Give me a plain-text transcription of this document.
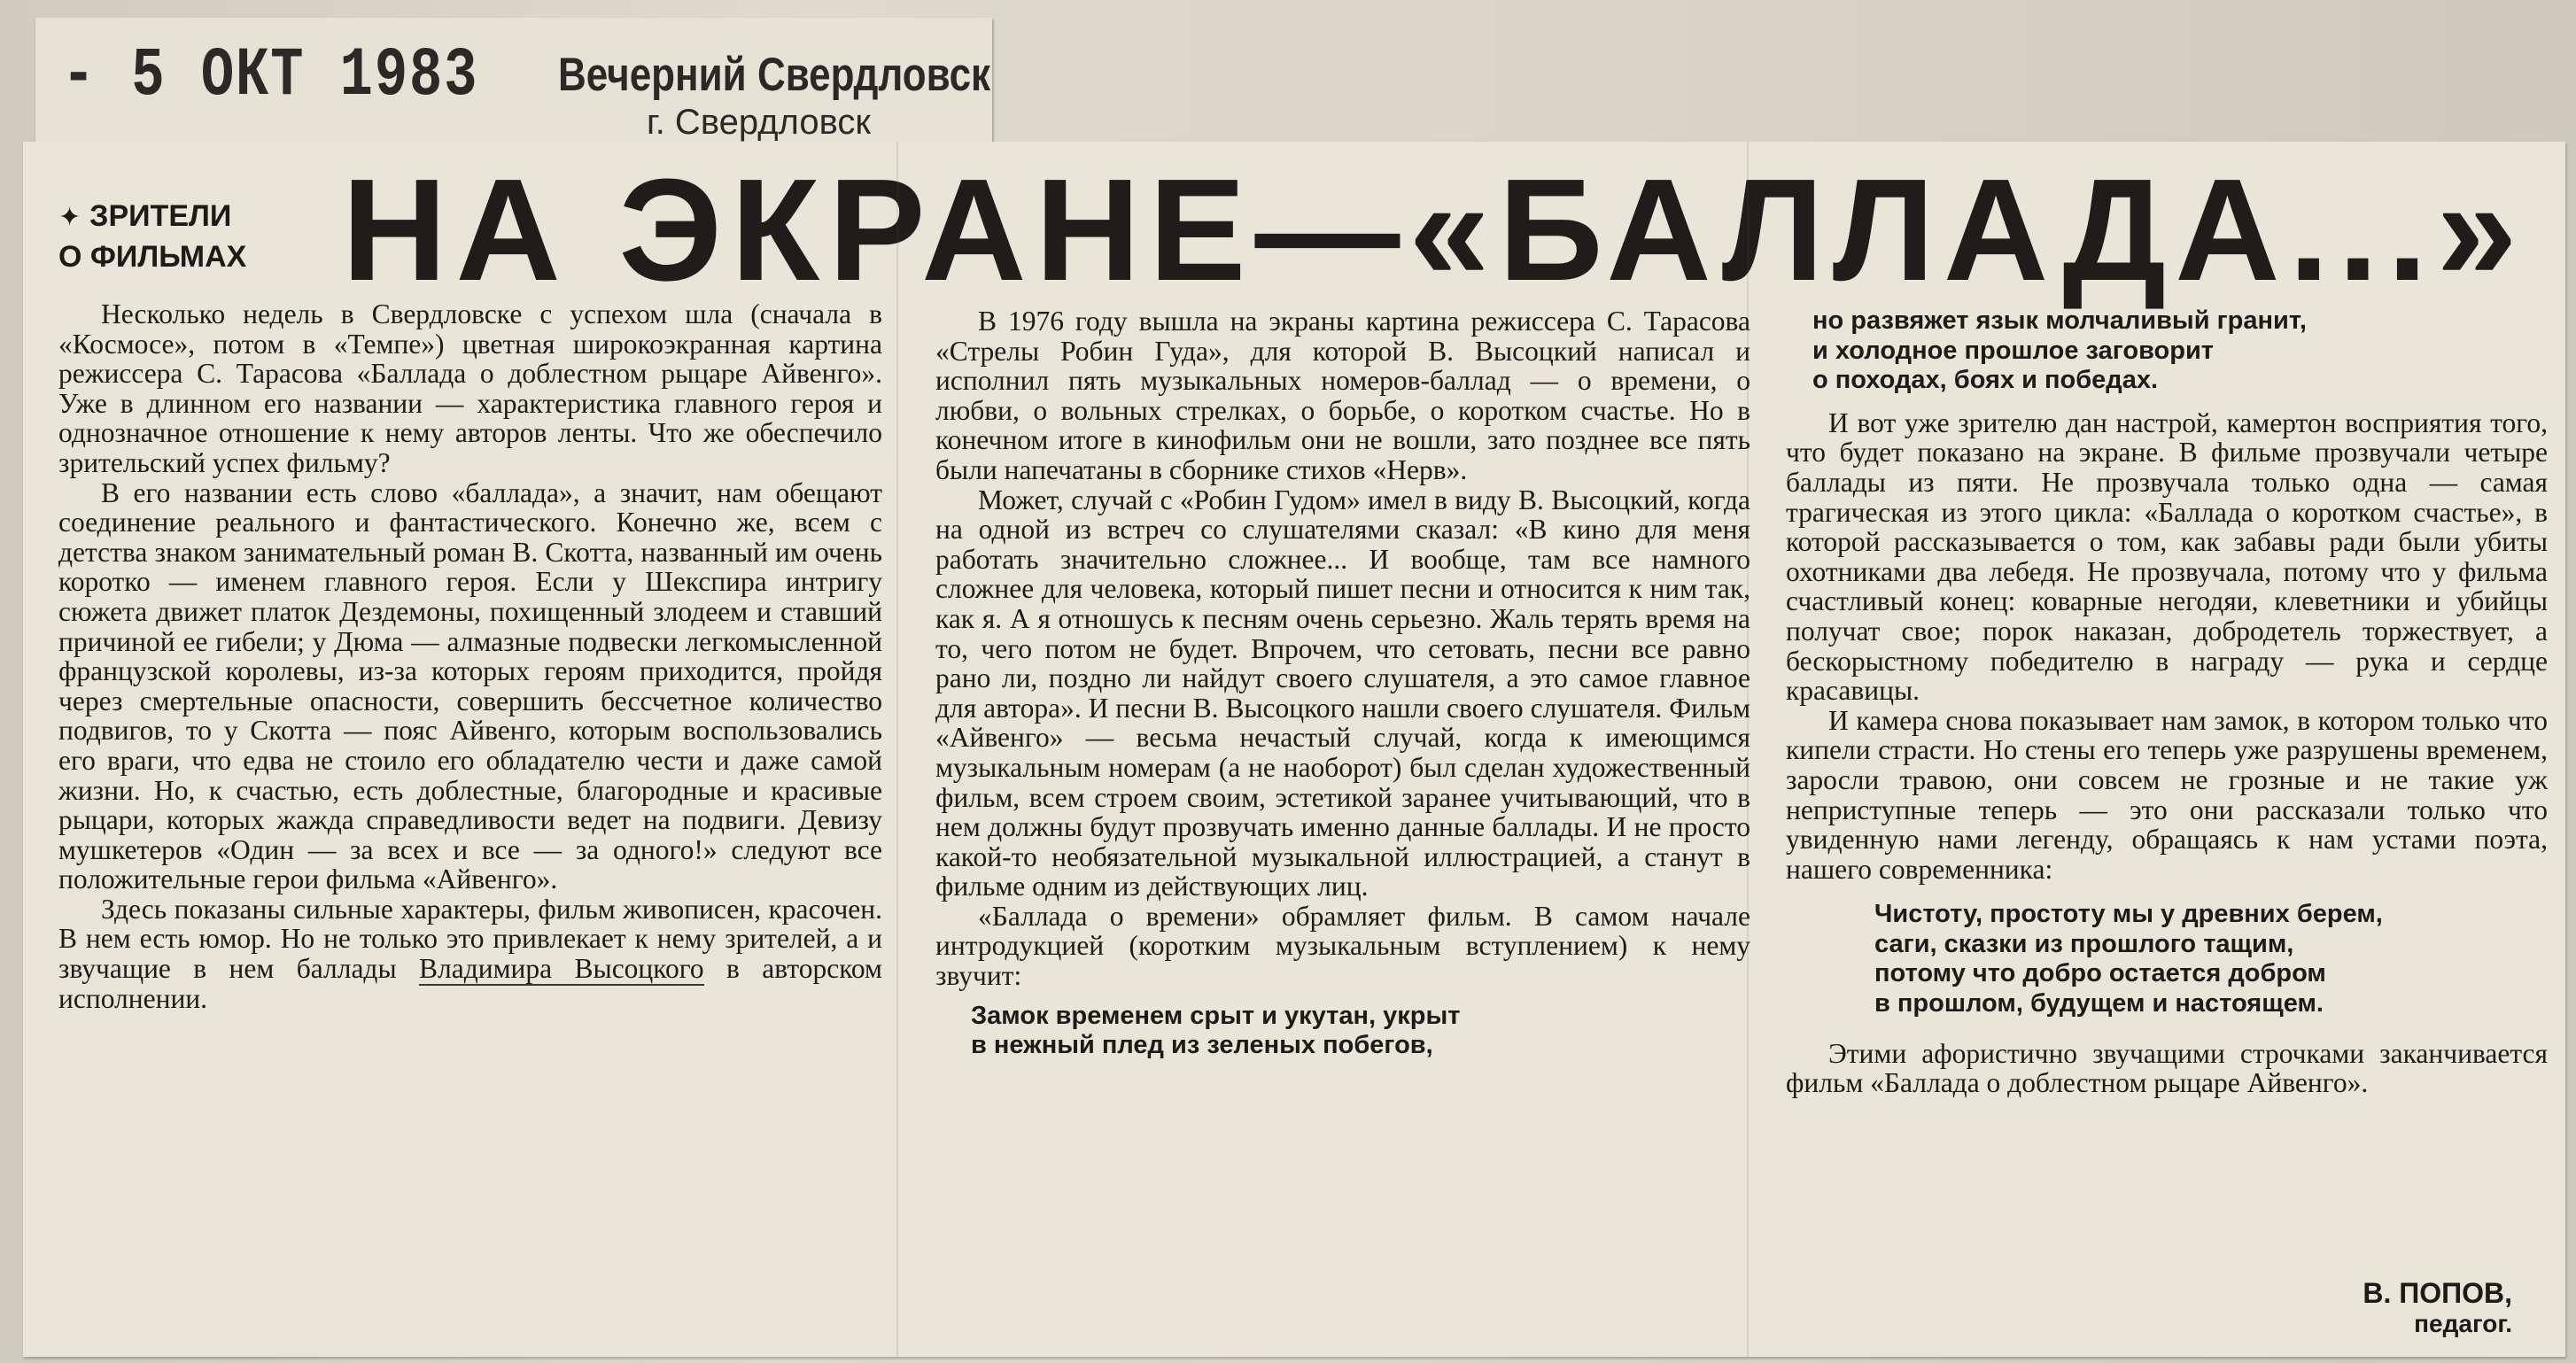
- 5 ОКТ 1983 Вечерний Свердловск
г. Свердловск
✦ ЗРИТЕЛИ
О ФИЛЬМАХ НА ЭКРАНЕ—«БАЛЛАДА...»

Несколько недель в Свердловске с успехом шла (сначала в «Космосе», потом в «Темпе») цветная широкоэкранная картина режиссера С. Тарасова «Баллада о доблестном рыцаре Айвенго». Уже в длинном его названии — характеристика главного героя и однозначное отношение к нему авторов ленты. Что же обеспечило зрительский успех фильму?

В его названии есть слово «баллада», а значит, нам обещают соединение реального и фантастического. Конечно же, всем с детства знаком занимательный роман В. Скотта, названный им очень коротко — именем главного героя. Если у Шекспира интригу сюжета движет платок Дездемоны, похищенный злодеем и ставший причиной ее гибели; у Дюма — алмазные подвески легкомысленной французской королевы, из-за которых героям приходится, пройдя через смертельные опасности, совершить бессчетное количество подвигов, то у Скотта — пояс Айвенго, которым воспользовались его враги, что едва не стоило его обладателю чести и даже самой жизни. Но, к счастью, есть доблестные, благородные и красивые рыцари, которых жажда справедливости ведет на подвиги. Девизу мушкетеров «Один — за всех и все — за одного!» следуют все положительные герои фильма «Айвенго».

Здесь показаны сильные характеры, фильм живописен, красочен. В нем есть юмор. Но не только это привлекает к нему зрителей, а и звучащие в нем баллады Владимира Высоцкого в авторском исполнении.

В 1976 году вышла на экраны картина режиссера С. Тарасова «Стрелы Робин Гуда», для которой В. Высоцкий написал и исполнил пять музыкальных номеров-баллад — о времени, о любви, о вольных стрелках, о борьбе, о коротком счастье. Но в конечном итоге в кинофильм они не вошли, зато позднее все пять были напечатаны в сборнике стихов «Нерв».

Может, случай с «Робин Гудом» имел в виду В. Высоцкий, когда на одной из встреч со слушателями сказал: «В кино для меня работать значительно сложнее... И вообще, там все намного сложнее для человека, который пишет песни и относится к ним так, как я. А я отношусь к песням очень серьезно. Жаль терять время на то, чего потом не будет. Впрочем, что сетовать, песни все равно рано ли, поздно ли найдут своего слушателя, а это самое главное для автора». И песни В. Высоцкого нашли своего слушателя. Фильм «Айвенго» — весьма нечастый случай, когда к имеющимся музыкальным номерам (а не наоборот) был сделан художественный фильм, всем строем своим, эстетикой заранее учитывающий, что в нем должны будут прозвучать именно данные баллады. И не просто какой-то необязательной музыкальной иллюстрацией, а станут в фильме одним из действующих лиц.

«Баллада о времени» обрамляет фильм. В самом начале интродукцией (коротким музыкальным вступлением) к нему звучит:

Замок временем срыт и укутан, укрыт
в нежный плед из зеленых побегов,
но развяжет язык молчаливый гранит,
и холодное прошлое заговорит
о походах, боях и победах.

И вот уже зрителю дан настрой, камертон восприятия того, что будет показано на экране. В фильме прозвучали четыре баллады из пяти. Не прозвучала только одна — самая трагическая из этого цикла: «Баллада о коротком счастье», в которой рассказывается о том, как забавы ради были убиты охотниками два лебедя. Не прозвучала, потому что у фильма счастливый конец: коварные негодяи, клеветники и убийцы получат свое; порок наказан, добродетель торжествует, а бескорыстному победителю в награду — рука и сердце красавицы.

И камера снова показывает нам замок, в котором только что кипели страсти. Но стены его теперь уже разрушены временем, заросли травою, они совсем не грозные и не такие уж неприступные теперь — это они рассказали только что увиденную нами легенду, обращаясь к нам устами поэта, нашего современника:

Чистоту, простоту мы у древних берем,
саги, сказки из прошлого тащим,
потому что добро остается добром
в прошлом, будущем и настоящем.

Этими афористично звучащими строчками заканчивается фильм «Баллада о доблестном рыцаре Айвенго».

В. ПОПОВ,
педагог.
